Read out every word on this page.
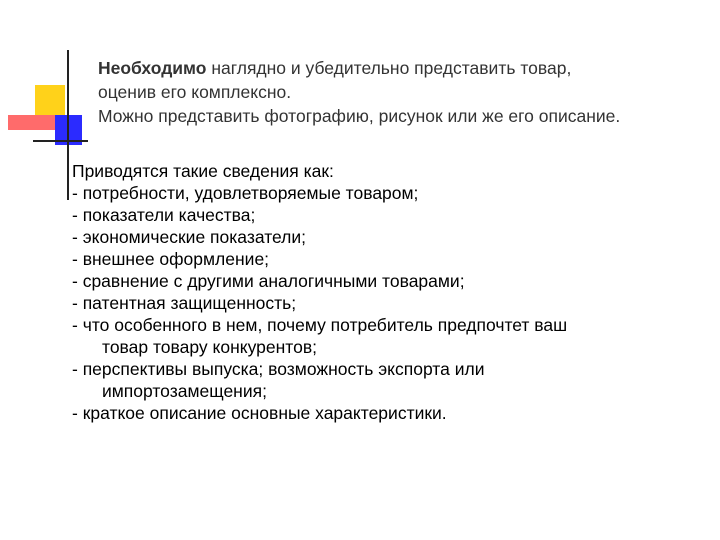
Необходимо наглядно и убедительно представить товар,
оценив его комплексно.
Можно представить фотографию, рисунок или же его описание.
Приводятся такие сведения как:
- потребности, удовлетворяемые товаром;
- показатели качества;
- экономические показатели;
- внешнее оформление;
- сравнение с другими аналогичными товарами;
- патентная защищенность;
- что особенного в нем, почему потребитель предпочтет ваш
товар товару конкурентов;
- перспективы выпуска; возможность экспорта или
импортозамещения;
- краткое описание основные характеристики.
